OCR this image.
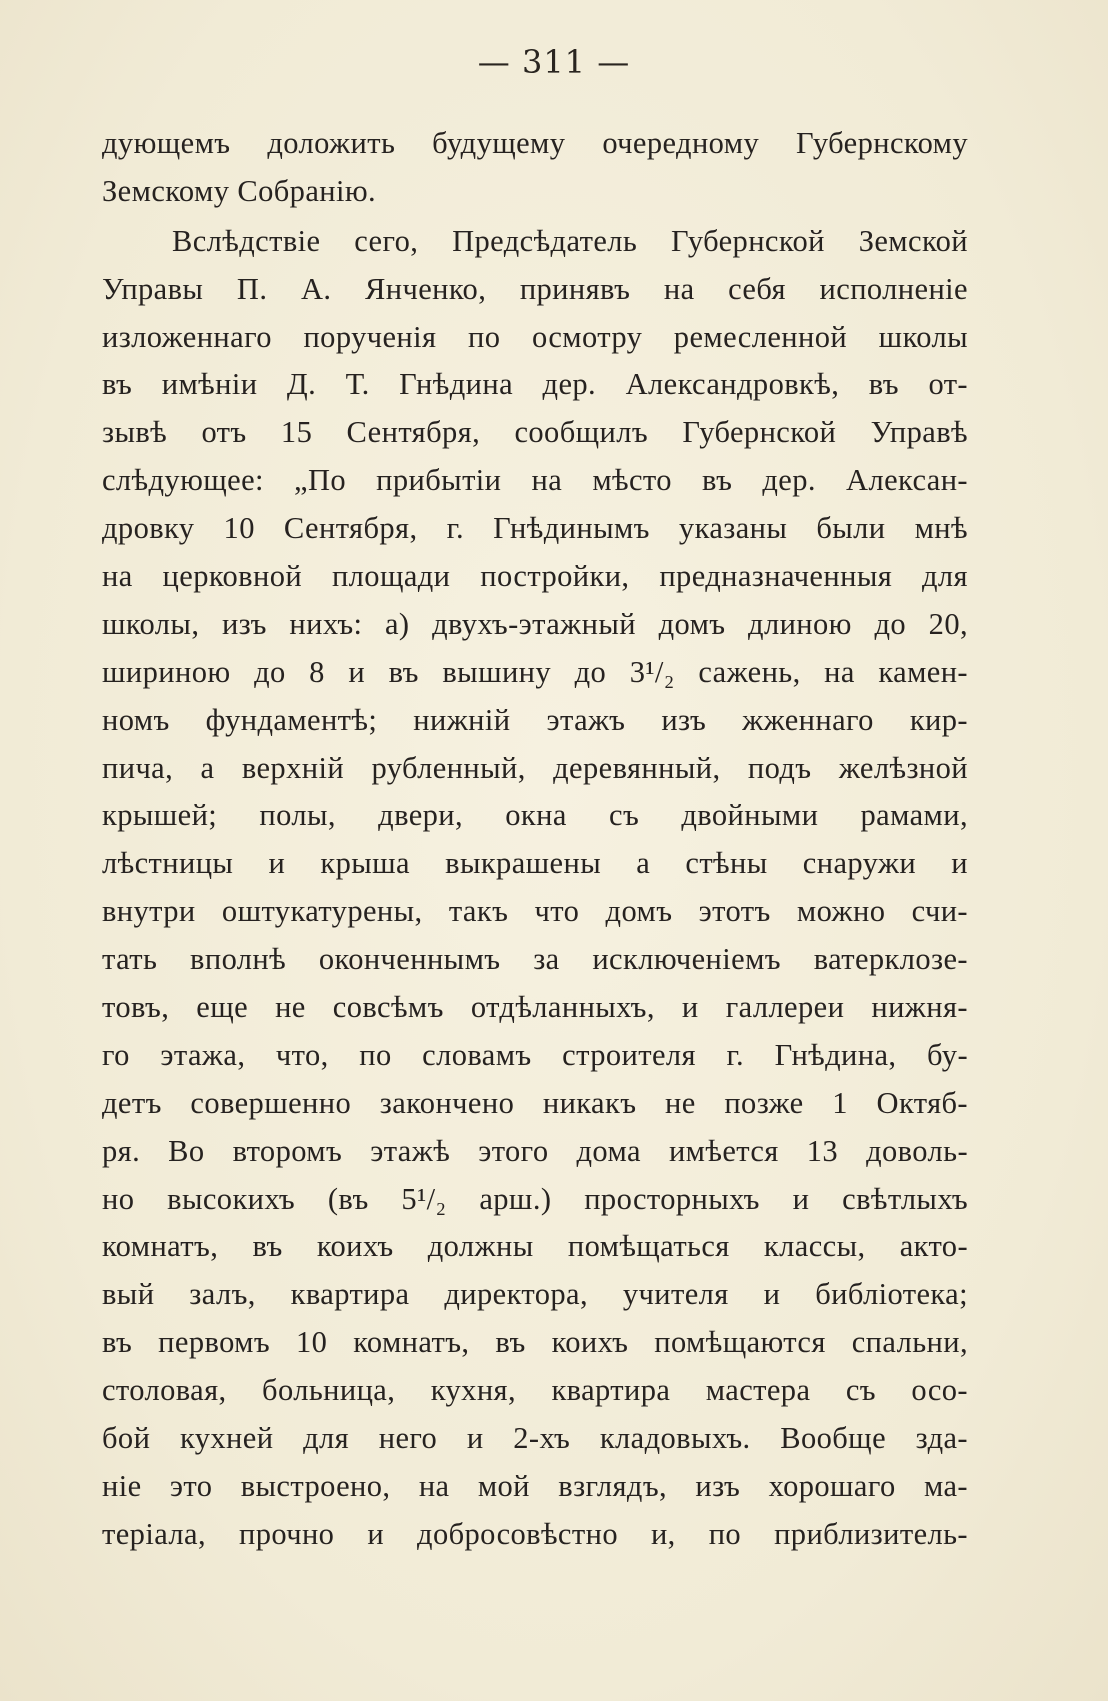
— 311 —
дующемъ доложить будущему очередному Губернскому
Земскому Собранію.
Вслѣдствіе сего, Предсѣдатель Губернской Земской
Управы П. А. Янченко, принявъ на себя исполненіе
изложеннаго порученія по осмотру ремесленной школы
въ имѣніи Д. Т. Гнѣдина дер. Александровкѣ, въ от-
зывѣ отъ 15 Сентября, сообщилъ Губернской Управѣ
слѣдующее: „По прибытіи на мѣсто въ дер. Алексан-
дровку 10 Сентября, г. Гнѣдинымъ указаны были мнѣ
на церковной площади постройки, предназначенныя для
школы, изъ нихъ: а) двухъ-этажный домъ длиною до 20,
шириною до 8 и въ вышину до 3¹/₂ сажень, на камен-
номъ фундаментѣ; нижній этажъ изъ жженнаго кир-
пича, а верхній рубленный, деревянный, подъ желѣзной
крышей; полы, двери, окна съ двойными рамами,
лѣстницы и крыша выкрашены а стѣны снаружи и
внутри оштукатурены, такъ что домъ этотъ можно счи-
тать вполнѣ оконченнымъ за исключеніемъ ватерклозе-
товъ, еще не совсѣмъ отдѣланныхъ, и галлереи нижня-
го этажа, что, по словамъ строителя г. Гнѣдина, бу-
детъ совершенно закончено никакъ не позже 1 Октяб-
ря. Во второмъ этажѣ этого дома имѣется 13 доволь-
но высокихъ (въ 5¹/₂ арш.) просторныхъ и свѣтлыхъ
комнатъ, въ коихъ должны помѣщаться классы, акто-
вый залъ, квартира директора, учителя и библіотека;
въ первомъ 10 комнатъ, въ коихъ помѣщаются спальни,
столовая, больница, кухня, квартира мастера съ осо-
бой кухней для него и 2-хъ кладовыхъ. Вообще зда-
ніе это выстроено, на мой взглядъ, изъ хорошаго ма-
теріала, прочно и добросовѣстно и, по приблизитель-
